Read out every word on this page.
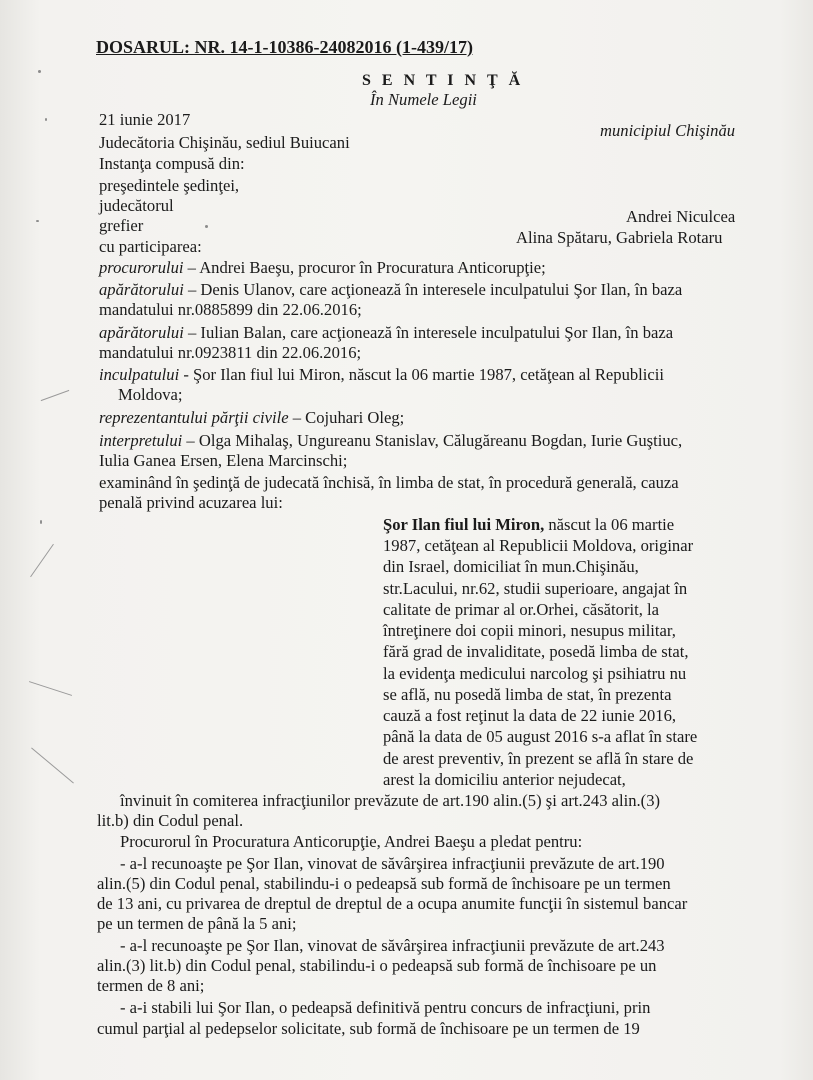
DOSARUL: NR. 14-1-10386-24082016 (1-439/17)
S E N T I N Ţ Ă
În Numele Legii
21 iunie 2017
municipiul Chişinău
Judecătoria Chişinău, sediul Buiucani
Instanţa compusă din:
preşedintele şedinţei,
judecătorul
Andrei Niculcea
grefier
Alina Spătaru, Gabriela Rotaru
cu participarea:
procurorului – Andrei Baeşu, procuror în Procuratura Anticorupţie;
apărătorului – Denis Ulanov, care acţionează în interesele inculpatului Şor Ilan, în baza
mandatului nr.0885899 din 22.06.2016;
apărătorului – Iulian Balan, care acţionează în interesele inculpatului Şor Ilan, în baza
mandatului nr.0923811 din 22.06.2016;
inculpatului - Şor Ilan fiul lui Miron, născut la 06 martie 1987, cetăţean al Republicii
Moldova;
reprezentantului părţii civile – Cojuhari Oleg;
interpretului – Olga Mihalaş, Ungureanu Stanislav, Călugăreanu Bogdan, Iurie Guştiuc,
Iulia Ganea Ersen, Elena Marcinschi;
examinând în şedinţă de judecată închisă, în limba de stat, în procedură generală, cauza
penală privind acuzarea lui:
Şor Ilan fiul lui Miron, născut la 06 martie
1987, cetăţean al Republicii Moldova, originar
din Israel, domiciliat în mun.Chişinău,
str.Lacului, nr.62, studii superioare, angajat în
calitate de primar al or.Orhei, căsătorit, la
întreţinere doi copii minori, nesupus militar,
fără grad de invaliditate, posedă limba de stat,
la evidenţa medicului narcolog şi psihiatru nu
se află, nu posedă limba de stat, în prezenta
cauză a fost reţinut la data de 22 iunie 2016,
până la data de 05 august 2016 s-a aflat în stare
de arest preventiv, în prezent se află în stare de
arest la domiciliu anterior nejudecat,
învinuit în comiterea infracţiunilor prevăzute de art.190 alin.(5) şi art.243 alin.(3)
lit.b) din Codul penal.
Procurorul în Procuratura Anticorupţie, Andrei Baeşu a pledat pentru:
- a-l recunoaşte pe Şor Ilan, vinovat de săvârşirea infracţiunii prevăzute de art.190
alin.(5) din Codul penal, stabilindu-i o pedeapsă sub formă de închisoare pe un termen
de 13 ani, cu privarea de dreptul de dreptul de a ocupa anumite funcţii în sistemul bancar
pe un termen de până la 5 ani;
- a-l recunoaşte pe Şor Ilan, vinovat de săvârşirea infracţiunii prevăzute de art.243
alin.(3) lit.b) din Codul penal, stabilindu-i o pedeapsă sub formă de închisoare pe un
termen de 8 ani;
- a-i stabili lui Şor Ilan, o pedeapsă definitivă pentru concurs de infracţiuni, prin
cumul parţial al pedepselor solicitate, sub formă de închisoare pe un termen de 19
